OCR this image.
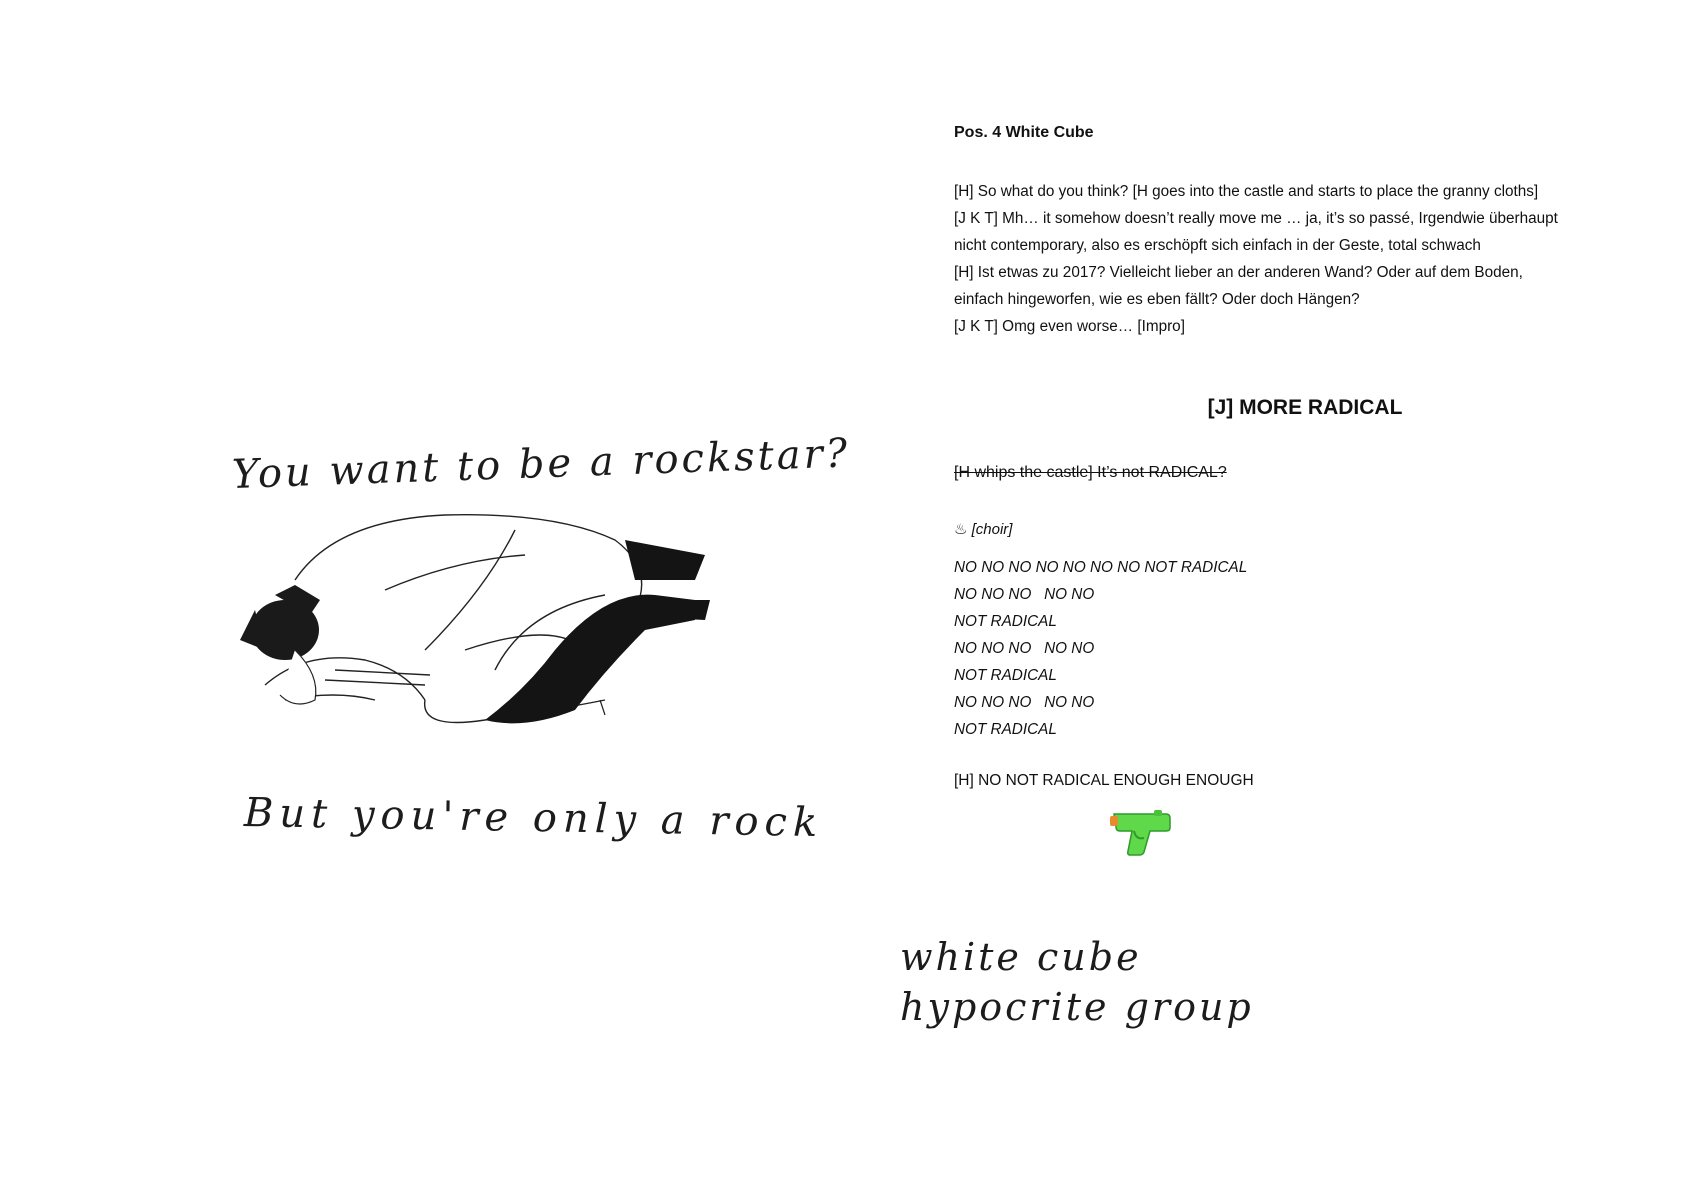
Pos. 4 White Cube
[H] So what do you think? [H goes into the castle and starts to place the granny cloths]
[J K T] Mh… it somehow doesn’t really move me … ja, it’s so passé, Irgendwie überhaupt
nicht contemporary, also es erschöpft sich einfach in der Geste, total schwach
[H] Ist etwas zu 2017? Vielleicht lieber an der anderen Wand? Oder auf dem Boden,
einfach hingeworfen, wie es eben fällt? Oder doch Hängen?
[J K T] Omg even worse… [Impro]
[J] MORE RADICAL
[H whips the castle] It’s not RADICAL?
♨ [choir]
NO NO NO NO NO NO NO NOT RADICAL
NO NO NO   NO NO
NOT RADICAL
NO NO NO   NO NO
NOT RADICAL
NO NO NO   NO NO
NOT RADICAL
[H] NO NOT RADICAL ENOUGH ENOUGH
You want to be a rockstar?
But you're only a rock
white cube
hypocrite group
